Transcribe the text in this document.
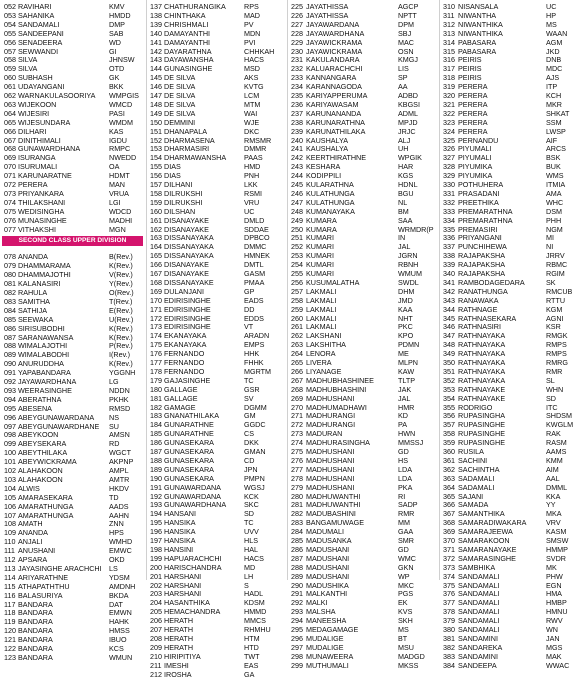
052 RAVIHARI	KMV
053 SAHANIKA	HMDD
054 SANDAMALI	DMP
055 SANDEEPANI	SAB
056 SENADEERA	WD
057 SEWWANDI	GI
058 SILVA	JHNSW
059 SILVA	OTD
060 SUBHASH	GK
061 UDAYANGANI	BKK
062 WARNAKULASOORIYA WMPGIS
063 WIJEKOON	WMCD
064 WIJESIRI	PASI
065 WIJESUNDARA	WMDM
066 DILHARI	KAS
067 DINITHIMALI	IGDU
068 GUNAWARDHANA	RMPC
069 ISURANGA	NWEDD
070 ISURUMALI	OA
071 KARUNARATNE	HDMT
072 PERERA	MAN
073 PRIYANKARA	VRUA
074 THILAKSHANI	LGI
075 WEDISINGHA	WDCD
076 MUNASINGHE	MADHI
077 VITHAKSHI	MGN
SECOND CLASS UPPER DIVISION
078 ANANDA	B(Rev.)
079 DHAMMARAMA	K(Rev.)
080 DHAMMAJOTHI	V(Rev.)
081 KALANASIRI	Y(Rev.)
082 RAHULA	O(Rev.)
083 SAMITHA	T(Rev.)
084 SATHIJA	E(Rev.)
085 SEEWAKA	U(Rev.)
086 SIRISUBODHI	K(Rev.)
087 SARANAWANSA	K(Rev.)
088 WIMALAJOTHI	P(Rev.)
089 WIMALABODHI	I(Rev.)
090 ANURUDDHA	K(Rev.)
091 YAPABANDARA	YGGNH
092 JAYAWARDHANA	LG
093 WEERASINGHE	NDDN
094 ABERATHNA	PKHK
095 ABESENA	RMSD
096 ABEYGUNAWARDANA NS
097 ABEYGUNAWARDHANE SU
098 ABEYKOON	AMSN
099 ABEYSEKARA	RD
100 ABEYTHILAKA	WGCT
101 ABEYWICKRAMA	AKPNP
102 ALAHAKOON	AMPL
103 ALAHAKOON	AMTR
104 ALWIS	HKDV
105 AMARASEKARA	TD
106 AMARATHUNGA	AADS
107 AMARATHUNGA	AAHN
108 AMATH	ZNN
109 ANANDA	HPS
110 ANJALI	WMHD
111 ANUSHANI	EMWC
112 APSARA	OKD
113 JAYASINGHE ARACHCHI LS
114 ARIYARATHNE	YDSM
115 ATHAPATHTHU	AMDNH
116 BALASURIYA	BKDA
117 BANDARA	DAT
118 BANDARA	EMWN
119 BANDARA	HAHK
120 BANDARA	HMSS
121 BANDARA	IBUO
122 BANDARA	KCS
123 BANDARA	WMUN
137 CHATHURANGIKA	RPS
138 CHINTHAKA	MAD
139 CHRISHMALI	PV
140 DAMAYANTHI	MDN
141 DAMAYANTHI	PVI
142 DAYARATHNA	CHHKAH
143 DAYAWANSHA	HACS
144 GUNASINGHE	MSD
145 DE SILVA	AKS
146 DE SILVA	KVTG
147 DE SILVA	LCM
148 DE SILVA	MTM
149 DE SILVA	WAI
150 DEMMINI	WJE
151 DHANAPALA	DKC
152 DHARMASENA	RMSMR
153 DHARMASIRI	DMMR
154 DHARMAWANSHA PAAS
155 DIAS	HMD
156 DIAS	PNH
157 DILHANI	LKK
158 DILRUKSHI	RSMI
159 DILRUKSHI	VRU
160 DILSHAN	UC
161 DISANAYAKE	DMLD
162 DISANAYAKE	SDDAE
163 DISSANAYAKA	DPBCO
164 DISSANAYAKA	DMMC
165 DISSANAYAKA	HMNEK
166 DISANAYAKE	DMTL
167 DISANAYAKE	GASM
168 DISSANAYAKE	PMAA
169 DULANJANI	GP
170 EDIRISINGHE	EADS
171 EDIRISINGHE	DD
172 EDIRISINGHE	EDDS
173 EDIRISINGHE	VT
174 EKANAYAKA	ARADN
175 EKANAYAKA	EMPS
176 FERNANDO	HHK
177 FERNANDO	FHHK
178 FERNANDO	MGRTM
179 GAJASINGHE	TC
180 GALLAGE	GSR
181 GALLAGE	SV
182 GAMAGE	DGMM
183 GNANATHILAKA	GM
184 GUNARATHNE	GGDC
185 GUNARATHNE	CS
186 GUNASEKARA	DKK
187 GUNASEKARA	GMAN
188 GUNASEKARA	CD
189 GUNASEKARA	JPN
190 GUNASEKARA	PMPN
191 GUNAWARDANA	WGSJ
192 GUNAWARDANA	KCK
193 GUNAWARDHANA SKC
194 HANSANI	SD
195 HANSIKA	TC
196 HANSIKA	UVV
197 HANSIKA	HLS
198 HANSINI	HAL
199 HAPUARACHCHI	HACS
200 HARISCHANDRA	MD
201 HARSHANI	LH
202 HARSHANI	S
203 HARSHANI	HADL
204 HASANTHIKA	KDSM
205 HEMACHANDRA	HMMD
206 HERATH	MMCS
207 HERATH	RHMHU
208 HERATH	HTM
209 HERATH	HTD
210 HIRIPITIYA	TWT
211 IMESHI	EAS
212 IROSHA	GA
225 JAYATHISSA	AGCP
226 JAYATHISSA	NPTT
227 JAYAWARDANA	DPM
228 JAYAWARDHANA	SBJ
229 JAYAWICKRAMA	MAC
230 JAYAWICKRAMA	OSN
231 KAKULANDARA	KMGJ
232 KALUARACHCHI	LIS
233 KANNANGARA	SP
234 KARANNAGODA	AA
235 KARIYAPPERUMA	ADBD
236 KARIYAWASAM	KBGSI
237 KARUNANANDA	ADML
238 KARUNARATHNA	MPJD
239 KARUNATHILAKA	JRJC
240 KAUSHALYA	ALJ
241 KAUSHALYA	UH
242 KEERTHIRATHNE	WPGIK
243 KESHARA	HAR
244 KODIPPILI	KGS
245 KULARATHNA	HDNL
246 KULATHUNGA	BGU
247 KULATHUNGA	NL
248 KUMANAYAKA	BM
249 KUMARA	SAA
250 KUMARA	WRMDR(P
251 KUMARI	IN
252 KUMARI	JAL
253 KUMARI	JGRN
254 KUMARI	RBNH
255 KUMARI	WMUM
256 KUSUMALATHA	SWDL
257 LAKMALI	DHM
258 LAKMALI	JMD
259 LAKMALI	KAA
260 LAKMALI	NHT
261 LAKMALI	PKC
262 LAKSHANI	KPO
263 LAKSHITHA	PDMN
264 LENORA	ME
265 LIVERA	MLPN
266 LIYANAGE	KAW
267 MADHUBHASHINEE	TLTP
268 MADHUBHASHINI	JAK
269 MADHUSHANI	JAL
270 MADHUMADHAWI	HMR
271 MADHURANGI	KD
272 MADHURANGI	PA
273 MADURAN	HWN
274 MADHURASINGHA	MMSSJ
275 MADHUSHANI	GD
276 MADHUSHANI	HS
277 MADHUSHANI	LDA
278 MADHUSHANI	LDA
279 MADHUSHANI	PKA
280 MADHUWANTHI	RI
281 MADHUWANTHI	SADP
282 MADUBASHINI	RMR
283 BANGAMUWAGE	MM
284 MADUMALI	GAA
285 MADUSANKA	SMR
286 MADUSHANI	GD
287 MADUSHANI	WMC
288 MADUSHANI	GKN
289 MADUSHANI	WP
290 MADUSHIKA	MKC
291 MALKANTHI	PGS
292 MALKI	EK
293 MALSHA	KVS
294 MANEESHA	SKH
295 MEDAGAMAGE	MS
296 MUDALIGE	BT
297 MUDALIGE	MSU
298 MUNAWEERA	MADGD
299 MUTHUMALI	MKSS
310 NISANSALA	UC
311 NIWANTHA	HP
312 NIWANTHIKA	MS
313 NIWANTHIKA	WAAN
314 PABASARA	AGM
315 PABASARA	JKD
316 PEIRIS	DNB
317 PEIRIS	MDC
318 PEIRIS	AJS
319 PERERA	ITP
320 PERERA	KCH
321 PERERA	MKR
322 PERERA	SHKAT
323 PERERA	SSM
324 PERERA	LWSP
325 PERNANDU	AIF
326 PIYUMALI	ARCS
327 PIYUMALI	BSK
328 PIYUMIKA	BUK
329 PIYUMIKA	WMS
330 POTHUHERA	ITMIA
331 PRASADANI	AMA
332 PREETHIKA	WHC
333 PREMARATHNA	DSM
334 PREMARATHNA	PHH
335 PREMASIRI	NGM
336 PRIYANGANI	MI
337 PUNCHIHEWA	NI
338 RAJAPAKSHA	JRRV
339 RAJAPAKSHA	RBMC
340 RAJAPAKSHA	RGIM
341 RAMBODAGEDARA	SK
342 RANATHUNGA	RMCUB
343 RANAWAKA	RTTU
344 RATHNAGE	KGM
345 RATHNASEKARA	AGNI
346 RATHNASIRI	KSR
347 RATHNAYAKA	RMGK
348 RATHNAYAKA	RMPS
349 RATHNAYAKA	RMPS
350 RATHNAYAKA	RMRG
351 RATHNAYAKA	RMR
352 RATHNAYAKA	SL
353 RATHNAYAKE	WHN
354 RATHNAYAKE	SD
355 RODRIGO	ITC
356 RUPASINGHA	SHDSM
357 RUPASINGHE	KWGLM
358 RUPASINGHE	RAK
359 RUPASINGHE	RASM
360 RUSILA	AAMS
361 SACHINI	KMM
362 SACHINTHA	AIM
363 SADAMALI	AAL
364 SADAMALI	DMML
365 SAJANI	KKA
366 SAMADA	YY
367 SAMANTHIKA	MKA
368 SAMARADIWAKARA	VRV
369 SAMARAJEEWA	KASM
370 SAMARAKOON	SMSW
371 SAMARANAYAKE	HMMP
372 SAMARASINGHE	SVDR
373 SAMBHIKA	MK
374 SANDAMALI	PHW
375 SANDAMALI	EGN
376 SANDAMALI	HMA
377 SANDAMALI	HMBP
378 SANDAMALI	HMNU
379 SANDAMALI	RWV
380 SANDAMALI	WN
381 SANDAMINI	JAN
382 SANDAREKA	MGS
383 SANDAMINI	MAK
384 SANDEEPA	WWAC
